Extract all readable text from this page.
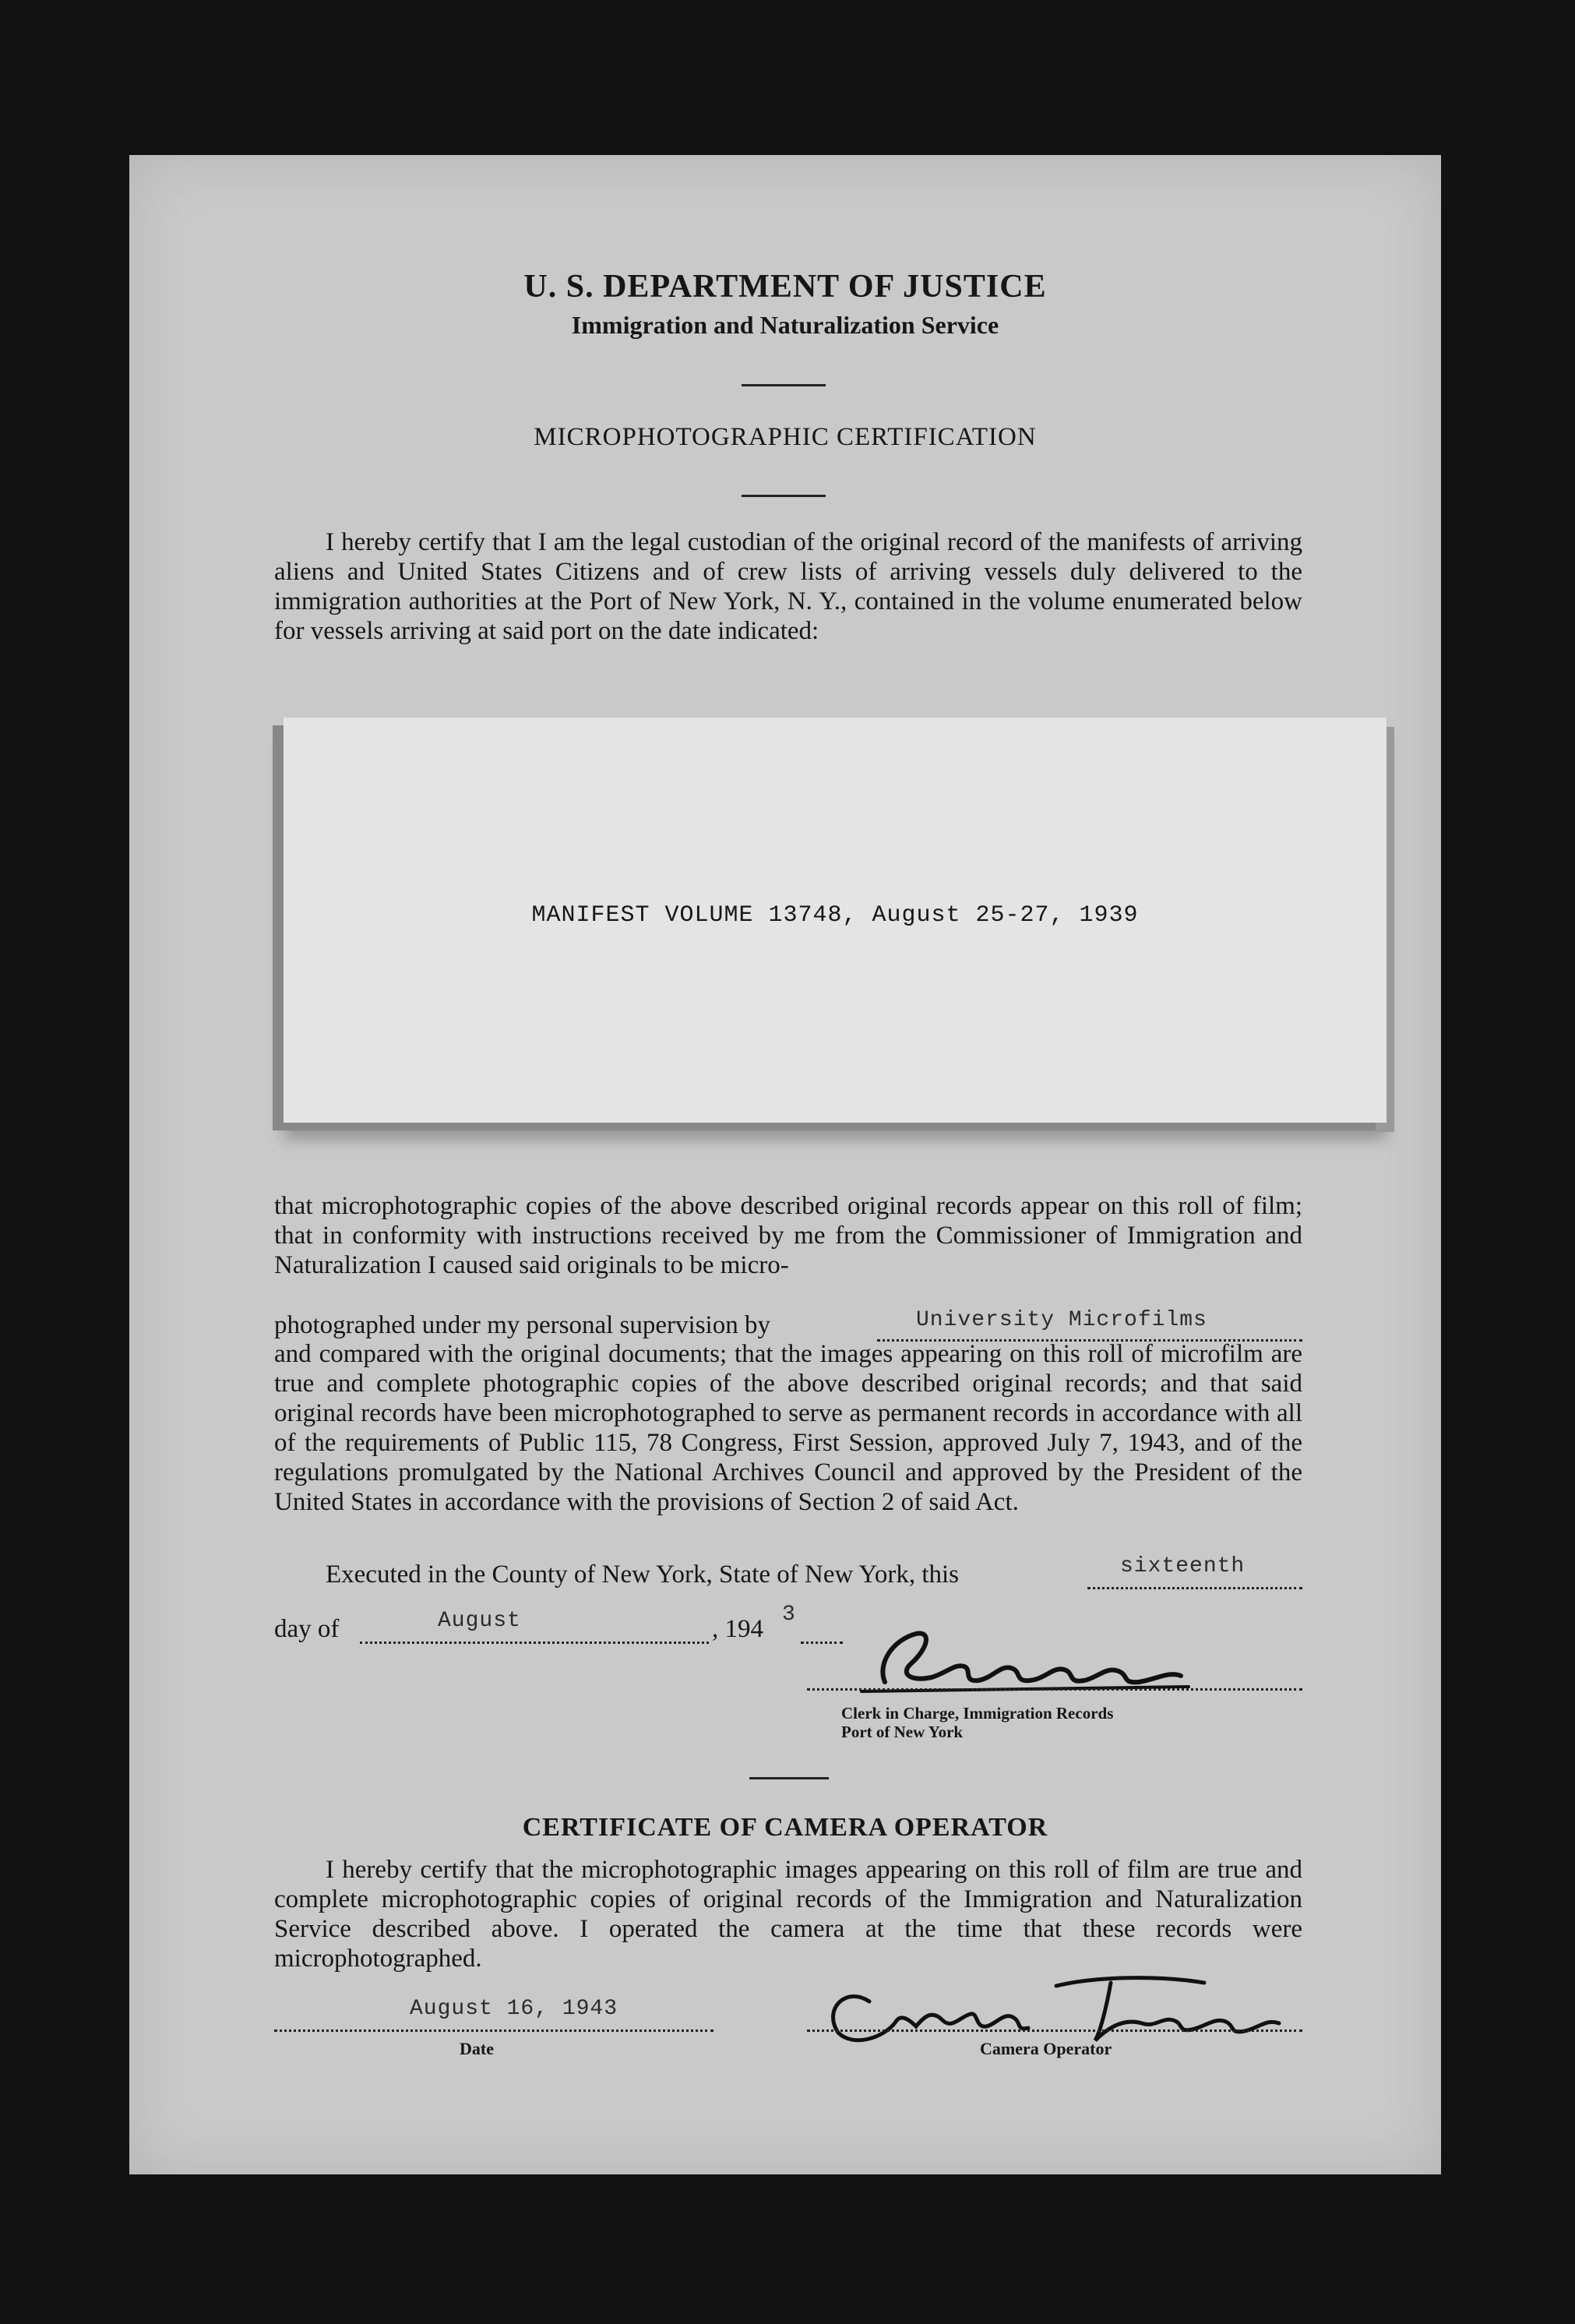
U. S. DEPARTMENT OF JUSTICE
Immigration and Naturalization Service
MICROPHOTOGRAPHIC CERTIFICATION
I hereby certify that I am the legal custodian of the original record of the manifests of arriving aliens and United States Citizens and of crew lists of arriving vessels duly delivered to the immigration authorities at the Port of New York, N. Y., contained in the volume enumerated below for vessels arriving at said port on the date indicated:
MANIFEST VOLUME 13748, August 25-27, 1939
that microphotographic copies of the above described original records appear on this roll of film; that in conformity with instructions received by me from the Commissioner of Immigration and Naturalization I caused said originals to be micro-
photographed under my personal supervision by	University Microfilms
and compared with the original documents; that the images appearing on this roll of microfilm are true and complete photographic copies of the above described original records; and that said original records have been microphotographed to serve as permanent records in accordance with all of the requirements of Public 115, 78 Congress, First Session, approved July 7, 1943, and of the regulations promulgated by the National Archives Council and approved by the President of the United States in accordance with the provisions of Section 2 of said Act.
Executed in the County of New York, State of New York, this	sixteenth
day of	August	, 194
3
Clerk in Charge, Immigration Records
Port of New York
CERTIFICATE OF CAMERA OPERATOR
I hereby certify that the microphotographic images appearing on this roll of film are true and complete microphotographic copies of original records of the Immigration and Naturalization Service described above. I operated the camera at the time that these records were microphotographed.
August 16, 1943
Date	Camera Operator
